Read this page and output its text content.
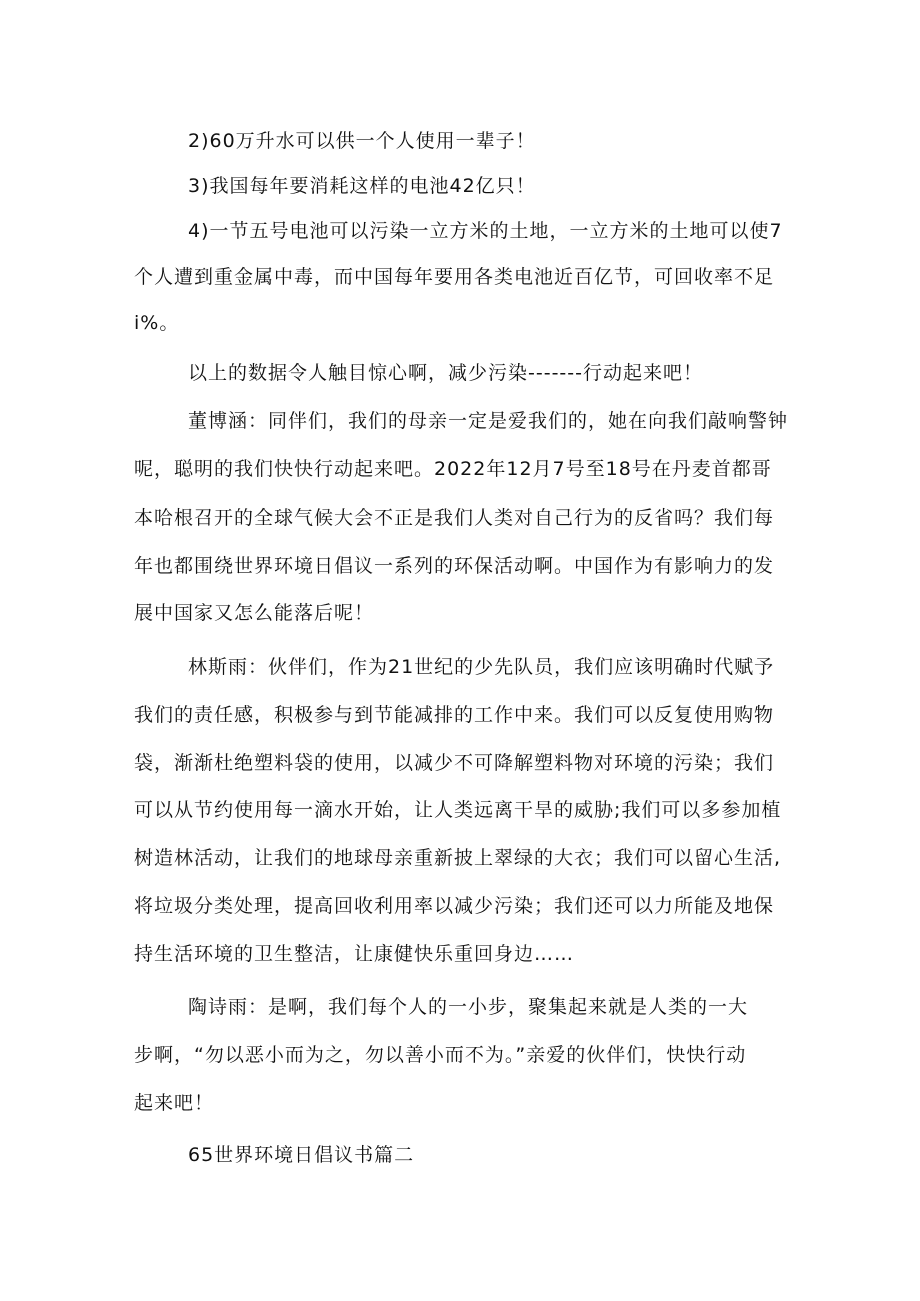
2)60万升水可以供一个人使用一辈子！
3)我国每年要消耗这样的电池42亿只！
4)一节五号电池可以污染一立方米的土地，一立方米的土地可以使7
个人遭到重金属中毒，而中国每年要用各类电池近百亿节，可回收率不足
i%。
以上的数据令人触目惊心啊，减少污染-------行动起来吧！
董博涵：同伴们，我们的母亲一定是爱我们的，她在向我们敲响警钟
呢，聪明的我们快快行动起来吧。2022年12月7号至18号在丹麦首都哥
本哈根召开的全球气候大会不正是我们人类对自己行为的反省吗？我们每
年也都围绕世界环境日倡议一系列的环保活动啊。中国作为有影响力的发
展中国家又怎么能落后呢！
林斯雨：伙伴们，作为21世纪的少先队员，我们应该明确时代赋予
我们的责任感，积极参与到节能减排的工作中来。我们可以反复使用购物
袋，渐渐杜绝塑料袋的使用，以减少不可降解塑料物对环境的污染；我们
可以从节约使用每一滴水开始，让人类远离干旱的威胁;我们可以多参加植
树造林活动，让我们的地球母亲重新披上翠绿的大衣；我们可以留心生活,
将垃圾分类处理，提高回收利用率以减少污染；我们还可以力所能及地保
持生活环境的卫生整洁，让康健快乐重回身边……
陶诗雨：是啊，我们每个人的一小步，聚集起来就是人类的一大
步啊，“勿以恶小而为之，勿以善小而不为。”亲爱的伙伴们，快快行动
起来吧！
65世界环境日倡议书篇二
